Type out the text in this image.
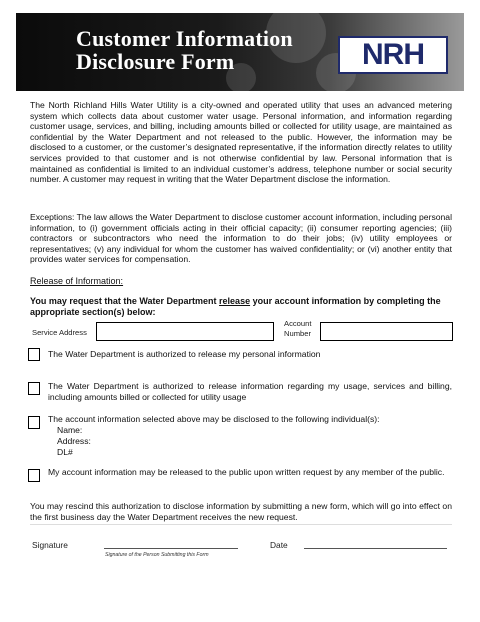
Customer Information
Disclosure Form	NRH
The North Richland Hills Water Utility is a city-owned and operated utility that uses an advanced metering system which collects data about customer water usage. Personal information, and information regarding customer usage, services, and billing, including amounts billed or collected for utility usage, are maintained as confidential by the Water Department and not released to the public. However, the information may be disclosed to a customer, or the customer’s designated representative, if the information directly relates to utility services provided to that customer and is not otherwise confidential by law. Personal information that is maintained as confidential is limited to an individual customer’s address, telephone number or social security number. A customer may request in writing that the Water Department disclose the information.
Exceptions: The law allows the Water Department to disclose customer account information, including personal information, to (i) government officials acting in their official capacity; (ii) consumer reporting agencies; (iii) contractors or subcontractors who need the information to do their jobs; (iv) utility employees or representatives; (v) any individual for whom the customer has waived confidentiality; or (vi) another entity that provides water services for compensation.
Release of Information:
You may request that the Water Department release your account information by completing the appropriate section(s) below:
Service Address
Account
Number
The Water Department is authorized to release my personal information
The Water Department is authorized to release information regarding my usage, services and billing, including amounts billed or collected for utility usage
The account information selected above may be disclosed to the following individual(s):
Name:
Address:
DL#
My account information may be released to the public upon written request by any member of the public.
You may rescind this authorization to disclose information by submitting a new form, which will go into effect on the first business day the Water Department receives the new request.
Signature
Signature of the Person Submitting this Form
Date
